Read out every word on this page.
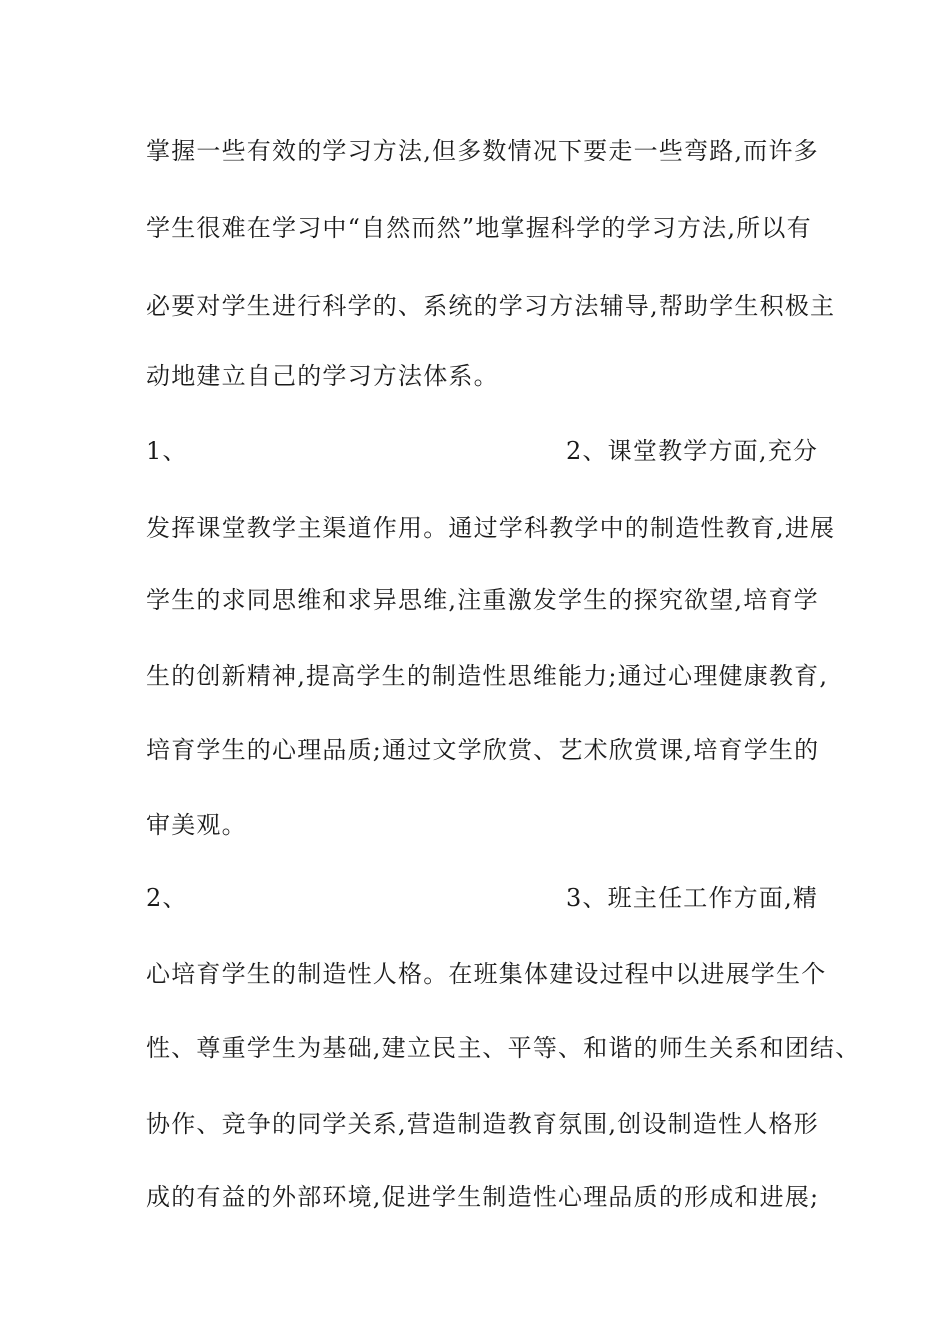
掌握一些有效的学习方法,但多数情况下要走一些弯路,而许多
学生很难在学习中“自然而然”地掌握科学的学习方法,所以有
必要对学生进行科学的、系统的学习方法辅导,帮助学生积极主
动地建立自己的学习方法体系。
1、	2、课堂教学方面,充分
发挥课堂教学主渠道作用。通过学科教学中的制造性教育,进展
学生的求同思维和求异思维,注重激发学生的探究欲望,培育学
生的创新精神,提高学生的制造性思维能力;通过心理健康教育,
培育学生的心理品质;通过文学欣赏、艺术欣赏课,培育学生的
审美观。
2、	3、班主任工作方面,精
心培育学生的制造性人格。在班集体建设过程中以进展学生个
性、尊重学生为基础,建立民主、平等、和谐的师生关系和团结、
协作、竞争的同学关系,营造制造教育氛围,创设制造性人格形
成的有益的外部环境,促进学生制造性心理品质的形成和进展;
